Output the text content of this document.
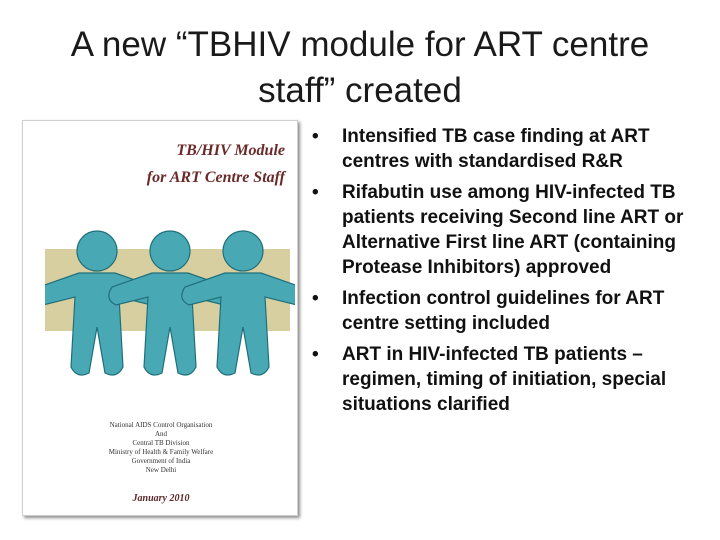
A new “TBHIV module for ART centre
staff” created
TB/HIV Module
for ART Centre Staff
National AIDS Control Organisation
And
Central TB Division
Ministry of Health & Family Welfare
Government of India
New Delhi
January 2010
• Intensified TB case finding at ART centres with standardised R&R
• Rifabutin use among HIV-infected TB patients receiving Second line ART or Alternative First line ART (containing Protease Inhibitors) approved
• Infection control guidelines for ART centre setting included
• ART in HIV-infected TB patients – regimen, timing of initiation, special situations clarified
